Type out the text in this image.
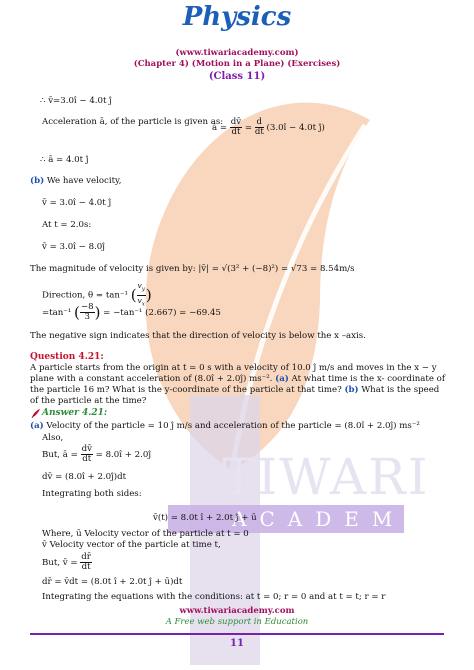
TIWARI
ACADEMY
Physics
(www.tiwariacademy.com)
(Chapter 4) (Motion in a Plane) (Exercises)
(Class 11)
∴ v̄=3.0î − 4.0t ĵ
Acceleration ā, of the particle is given as:
ā = $\frac{dv̄}{dt} = \frac{d}{dt}$ (3.0î − 4.0t ĵ)
∴ ā = 4.0t ĵ
(b) We have velocity,
v̄ = 3.0î − 4.0t ĵ
At t = 2.0s:
v̄ = 3.0î − 8.0ĵ
The magnitude of velocity is given by: |v̄| = √(3² + (−8)²) = √73 = 8.54m/s
Direction, θ = tan⁻¹ ( $\frac{v_y}{v_x}$ )
=tan⁻¹ ( $\frac{-8}{3}$ ) = −tan⁻¹ (2.667) = −69.45
The negative sign indicates that the direction of velocity is below the x –axis.
Question 4.21:
A particle starts from the origin at t = 0 s with a velocity of 10.0 ĵ m/s and moves in the x − y plane with a constant acceleration of (8.0î + 2.0ĵ) ms⁻². (a) At what time is the x- coordinate of the particle 16 m? What is the y-coordinate of the particle at that time? (b) What is the speed of the particle at the time?
Answer 4.21:
(a) Velocity of the particle = 10 ĵ m/s and acceleration of the particle = (8.0î + 2.0ĵ) ms⁻²
Also,
But, ā = $\frac{dv̄}{dt}$ = 8.0î + 2.0ĵ
dv̄ = (8.0î + 2.0ĵ)dt
Integrating both sides:
v̄(t) = 8.0t î + 2.0t ĵ + ū
Where, ū Velocity vector of the particle at t = 0
v̄ Velocity vector of the particle at time t,
But, v̄ = $\frac{dr̄}{dt}$
dr̄ = v̄dt = (8.0t î + 2.0t ĵ + ū)dt
Integrating the equations with the conditions: at t = 0; r = 0 and at t = t; r = r
www.tiwariacademy.com
A Free web support in Education
11
